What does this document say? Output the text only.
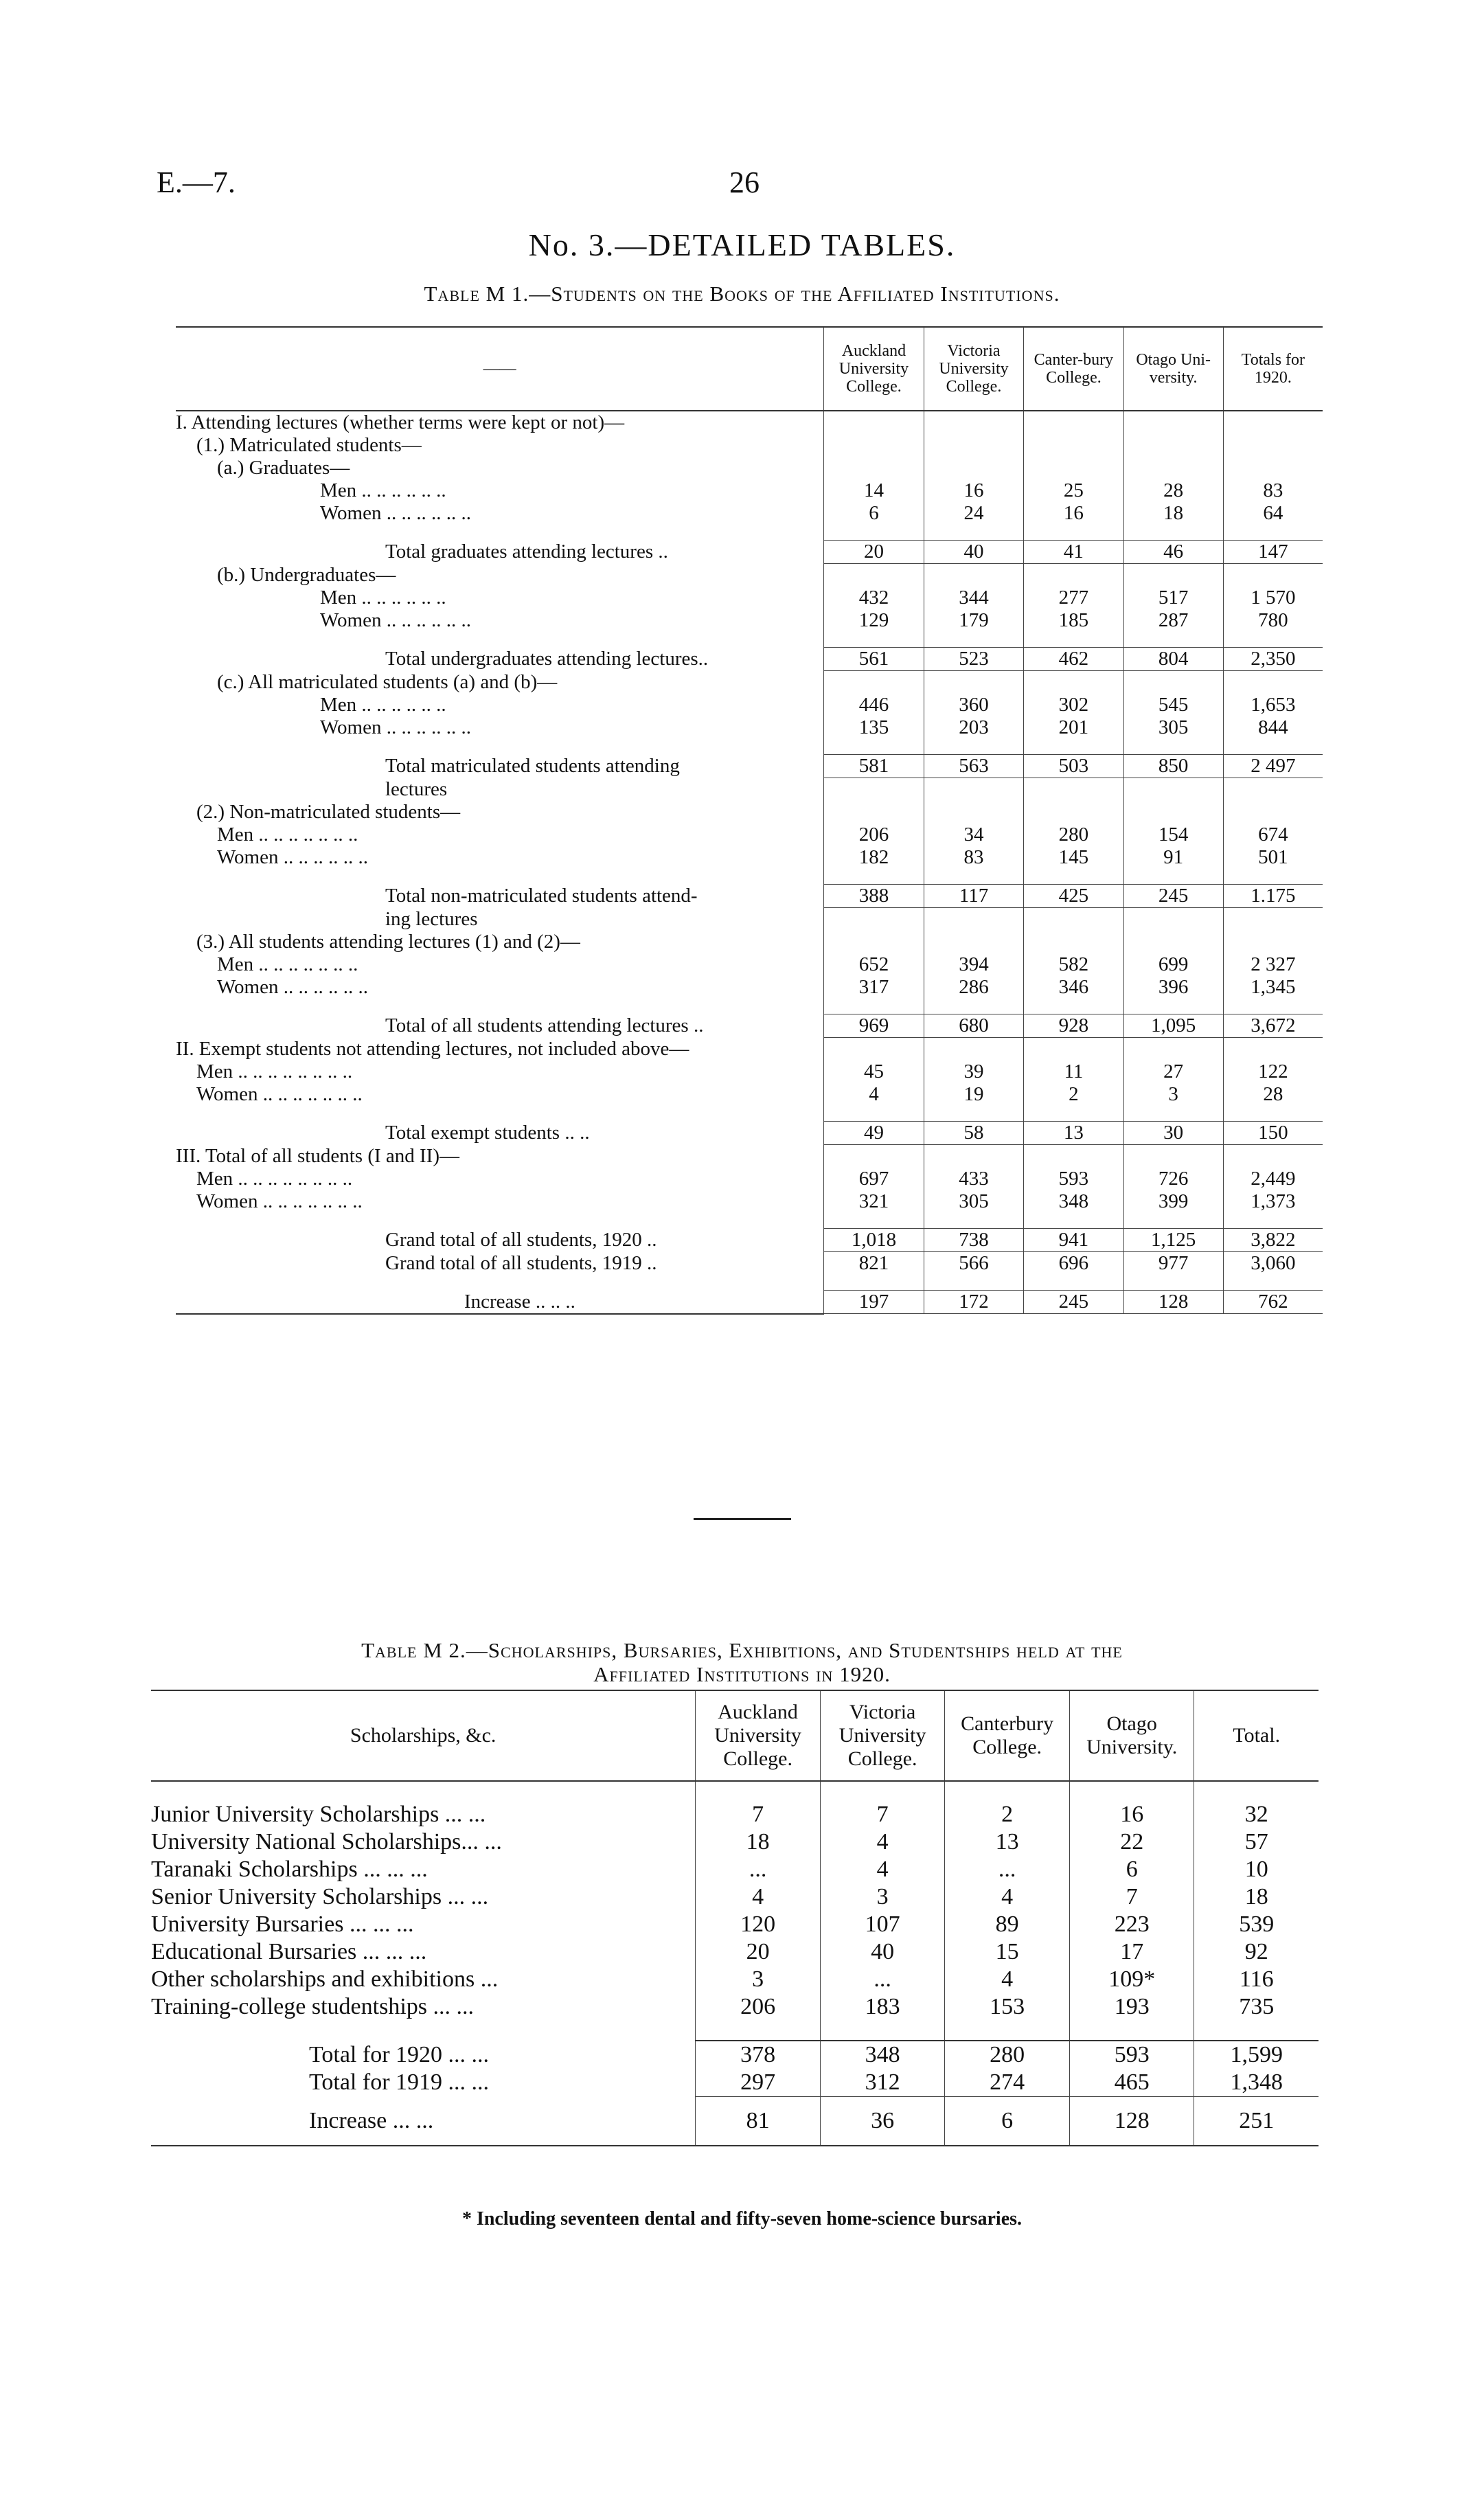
E.—7.	26
No. 3.—DETAILED TABLES.
Table M 1.—Students on the Books of the Affiliated Institutions.
——	Auckland University College.	Victoria University College.	Canter-bury College.	Otago Uni-versity.	Totals for 1920.

I. Attending lectures (whether terms were kept or not)—					

(1.) Matriculated students—					

(a.) Graduates—					

Men .. .. .. .. .. ..	14	16	25	28	83

Women .. .. .. .. .. ..	6	24	16	18	64

Total graduates attending lectures ..	20	40	41	46	147

(b.) Undergraduates—					

Men .. .. .. .. .. ..	432	344	277	517	1 570

Women .. .. .. .. .. ..	129	179	185	287	780

Total undergraduates attending lectures..	561	523	462	804	2,350

(c.) All matriculated students (a) and (b)—					

Men .. .. .. .. .. ..	446	360	302	545	1,653

Women .. .. .. .. .. ..	135	203	201	305	844

Total matriculated students attending	581	563	503	850	2 497

lectures					

(2.) Non-matriculated students—					

Men .. .. .. .. .. .. ..	206	34	280	154	674

Women .. .. .. .. .. ..	182	83	145	91	501

Total non-matriculated students attend-	388	117	425	245	1.175

ing lectures					

(3.) All students attending lectures (1) and (2)—					

Men .. .. .. .. .. .. ..	652	394	582	699	2 327

Women .. .. .. .. .. ..	317	286	346	396	1,345

Total of all students attending lectures ..	969	680	928	1,095	3,672

II. Exempt students not attending lectures, not included above—					

Men .. .. .. .. .. .. .. ..	45	39	11	27	122

Women .. .. .. .. .. .. ..	4	19	2	3	28

Total exempt students .. ..	49	58	13	30	150

III. Total of all students (I and II)—					

Men .. .. .. .. .. .. .. ..	697	433	593	726	2,449

Women .. .. .. .. .. .. ..	321	305	348	399	1,373

Grand total of all students, 1920 ..	1,018	738	941	1,125	3,822

Grand total of all students, 1919 ..	821	566	696	977	3,060

Increase .. .. ..	197	172	245	128	762
Table M 2.—Scholarships, Bursaries, Exhibitions, and Studentships held at the
Affiliated Institutions in 1920.
Scholarships, &c.	Auckland University College.	Victoria University College.	Canterbury College.	Otago University.	Total.

Junior University Scholarships ... ...	7	7	2	16	32

University National Scholarships... ...	18	4	13	22	57

Taranaki Scholarships ... ... ...	...	4	...	6	10

Senior University Scholarships ... ...	4	3	4	7	18

University Bursaries ... ... ...	120	107	89	223	539

Educational Bursaries ... ... ...	20	40	15	17	92

Other scholarships and exhibitions ...	3	...	4	109*	116

Training-college studentships ... ...	206	183	153	193	735

Total for 1920 ... ...	378	348	280	593	1,599

Total for 1919 ... ...	297	312	274	465	1,348

Increase ... ...	81	36	6	128	251
* Including seventeen dental and fifty-seven home-science bursaries.
